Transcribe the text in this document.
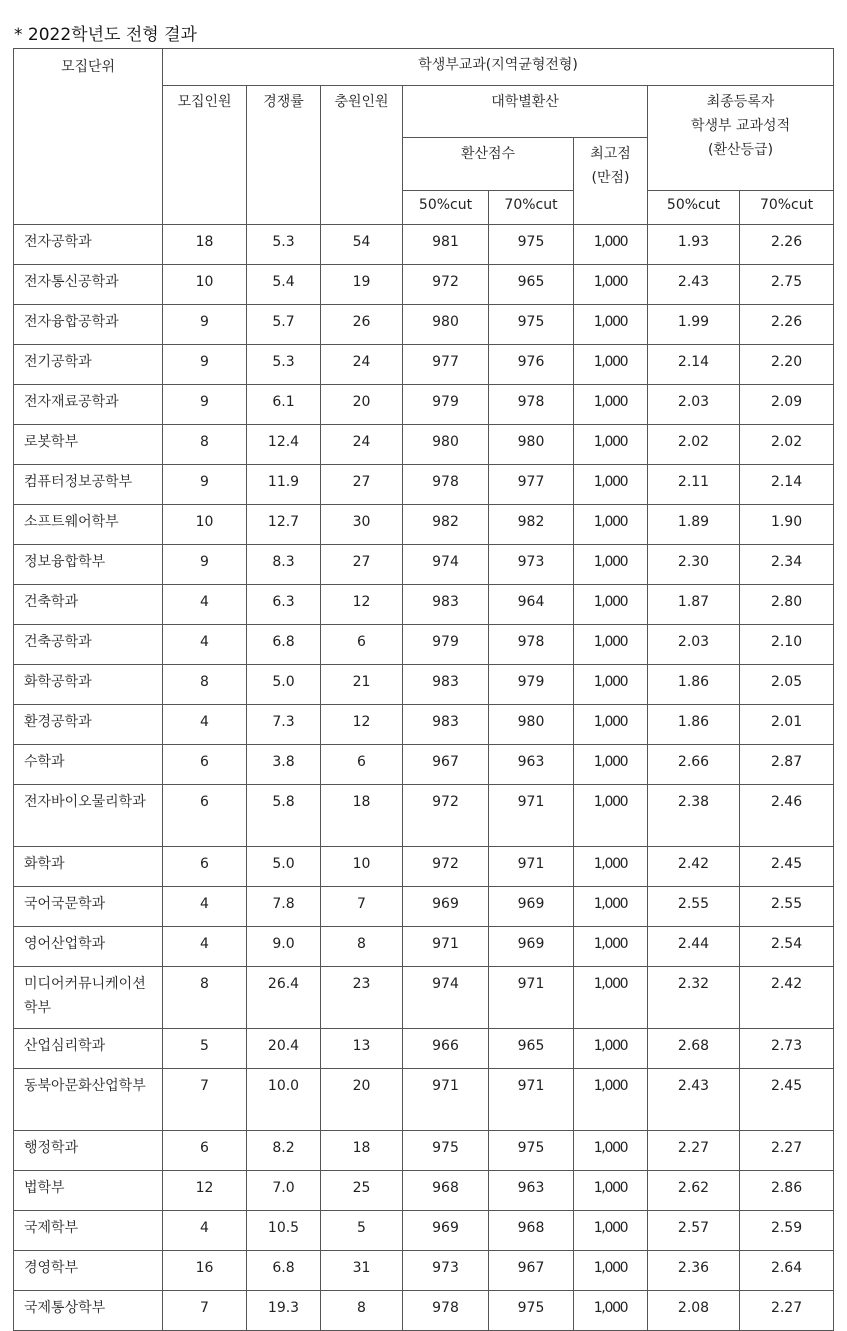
* 2022학년도 전형 결과
모집단위	학생부교과(지역균형전형)							
	모집인원	경쟁률	충원인원	대학별환산			최종등록자
학생부 교과성적
(환산등급)	

				환산점수		최고점
(만점)		

				50%cut	70%cut		50%cut	70%cut
전자공학과	18	5.3	54	981	975	1,000	1.93	2.26
전자통신공학과	10	5.4	19	972	965	1,000	2.43	2.75
전자융합공학과	9	5.7	26	980	975	1,000	1.99	2.26
전기공학과	9	5.3	24	977	976	1,000	2.14	2.20
전자재료공학과	9	6.1	20	979	978	1,000	2.03	2.09
로봇학부	8	12.4	24	980	980	1,000	2.02	2.02
컴퓨터정보공학부	9	11.9	27	978	977	1,000	2.11	2.14
소프트웨어학부	10	12.7	30	982	982	1,000	1.89	1.90
정보융합학부	9	8.3	27	974	973	1,000	2.30	2.34
건축학과	4	6.3	12	983	964	1,000	1.87	2.80
건축공학과	4	6.8	6	979	978	1,000	2.03	2.10
화학공학과	8	5.0	21	983	979	1,000	1.86	2.05
환경공학과	4	7.3	12	983	980	1,000	1.86	2.01
수학과	6	3.8	6	967	963	1,000	2.66	2.87
전자바이오물리학과	6	5.8	18	972	971	1,000	2.38	2.46
화학과	6	5.0	10	972	971	1,000	2.42	2.45
국어국문학과	4	7.8	7	969	969	1,000	2.55	2.55
영어산업학과	4	9.0	8	971	969	1,000	2.44	2.54
미디어커뮤니케이션학부	8	26.4	23	974	971	1,000	2.32	2.42
산업심리학과	5	20.4	13	966	965	1,000	2.68	2.73
동북아문화산업학부	7	10.0	20	971	971	1,000	2.43	2.45
행정학과	6	8.2	18	975	975	1,000	2.27	2.27
법학부	12	7.0	25	968	963	1,000	2.62	2.86
국제학부	4	10.5	5	969	968	1,000	2.57	2.59
경영학부	16	6.8	31	973	967	1,000	2.36	2.64
국제통상학부	7	19.3	8	978	975	1,000	2.08	2.27
